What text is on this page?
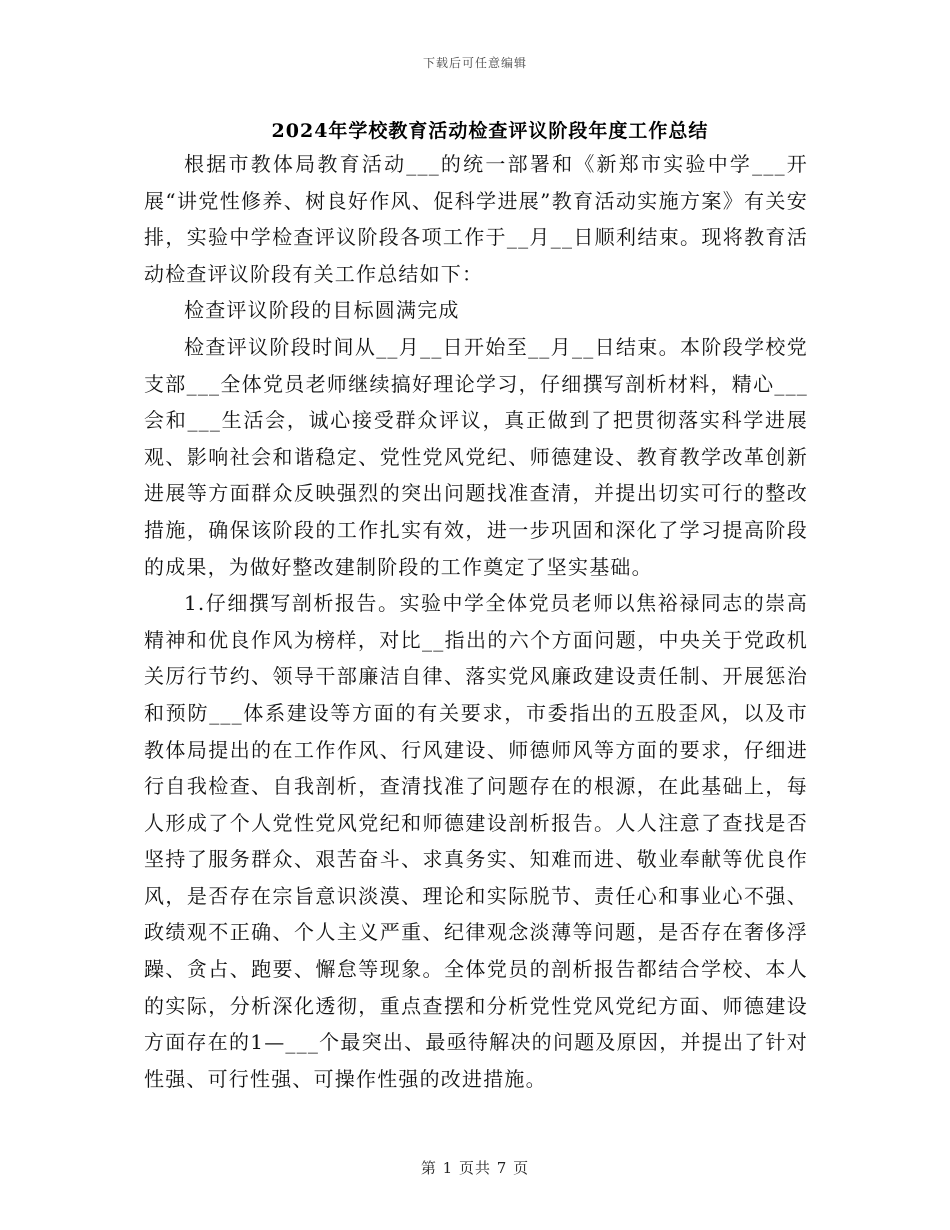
下载后可任意编辑
2024年学校教育活动检查评议阶段年度工作总结

根据市教体局教育活动___的统一部署和《新郑市实验中学___开展“讲党性修养、树良好作风、促科学进展”教育活动实施方案》有关安排，实验中学检查评议阶段各项工作于__月__日顺利结束。现将教育活动检查评议阶段有关工作总结如下：

检查评议阶段的目标圆满完成

检查评议阶段时间从__月__日开始至__月__日结束。本阶段学校党支部___全体党员老师继续搞好理论学习，仔细撰写剖析材料，精心___会和___生活会，诚心接受群众评议，真正做到了把贯彻落实科学进展观、影响社会和谐稳定、党性党风党纪、师德建设、教育教学改革创新进展等方面群众反映强烈的突出问题找准查清，并提出切实可行的整改措施，确保该阶段的工作扎实有效，进一步巩固和深化了学习提高阶段的成果，为做好整改建制阶段的工作奠定了坚实基础。

1.仔细撰写剖析报告。实验中学全体党员老师以焦裕禄同志的崇高精神和优良作风为榜样，对比__指出的六个方面问题，中央关于党政机关厉行节约、领导干部廉洁自律、落实党风廉政建设责任制、开展惩治和预防___体系建设等方面的有关要求，市委指出的五股歪风，以及市教体局提出的在工作作风、行风建设、师德师风等方面的要求，仔细进行自我检查、自我剖析，查清找准了问题存在的根源，在此基础上，每人形成了个人党性党风党纪和师德建设剖析报告。人人注意了查找是否坚持了服务群众、艰苦奋斗、求真务实、知难而进、敬业奉献等优良作风，是否存在宗旨意识淡漠、理论和实际脱节、责任心和事业心不强、政绩观不正确、个人主义严重、纪律观念淡薄等问题，是否存在奢侈浮躁、贪占、跑要、懈怠等现象。全体党员的剖析报告都结合学校、本人的实际，分析深化透彻，重点查摆和分析党性党风党纪方面、师德建设方面存在的1—___个最突出、最亟待解决的问题及原因，并提出了针对性强、可行性强、可操作性强的改进措施。

第 1 页共 7 页
